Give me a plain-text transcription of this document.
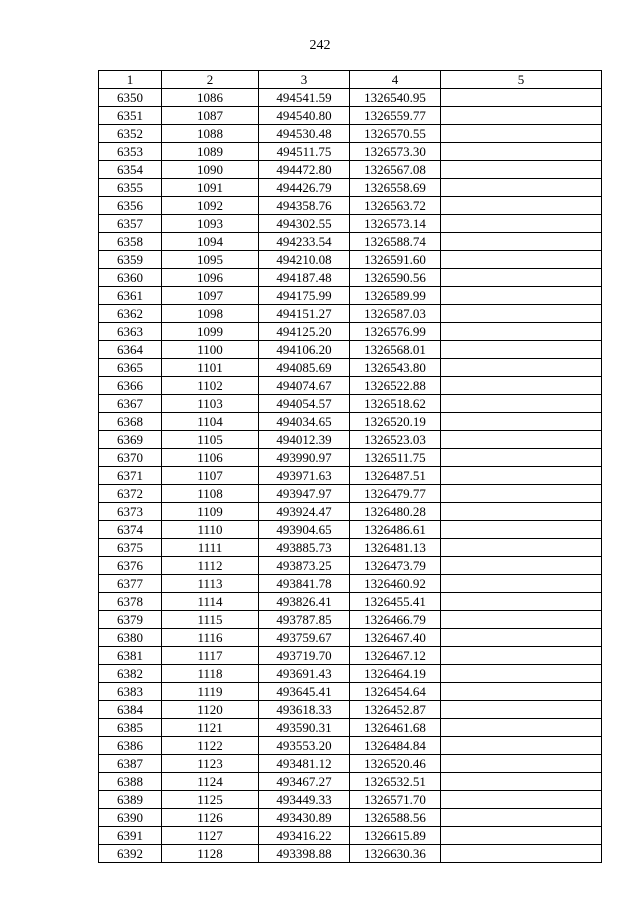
242
1	2	3	4	5
6350	1086	494541.59	1326540.95	
6351	1087	494540.80	1326559.77	
6352	1088	494530.48	1326570.55	
6353	1089	494511.75	1326573.30	
6354	1090	494472.80	1326567.08	
6355	1091	494426.79	1326558.69	
6356	1092	494358.76	1326563.72	
6357	1093	494302.55	1326573.14	
6358	1094	494233.54	1326588.74	
6359	1095	494210.08	1326591.60	
6360	1096	494187.48	1326590.56	
6361	1097	494175.99	1326589.99	
6362	1098	494151.27	1326587.03	
6363	1099	494125.20	1326576.99	
6364	1100	494106.20	1326568.01	
6365	1101	494085.69	1326543.80	
6366	1102	494074.67	1326522.88	
6367	1103	494054.57	1326518.62	
6368	1104	494034.65	1326520.19	
6369	1105	494012.39	1326523.03	
6370	1106	493990.97	1326511.75	
6371	1107	493971.63	1326487.51	
6372	1108	493947.97	1326479.77	
6373	1109	493924.47	1326480.28	
6374	1110	493904.65	1326486.61	
6375	1111	493885.73	1326481.13	
6376	1112	493873.25	1326473.79	
6377	1113	493841.78	1326460.92	
6378	1114	493826.41	1326455.41	
6379	1115	493787.85	1326466.79	
6380	1116	493759.67	1326467.40	
6381	1117	493719.70	1326467.12	
6382	1118	493691.43	1326464.19	
6383	1119	493645.41	1326454.64	
6384	1120	493618.33	1326452.87	
6385	1121	493590.31	1326461.68	
6386	1122	493553.20	1326484.84	
6387	1123	493481.12	1326520.46	
6388	1124	493467.27	1326532.51	
6389	1125	493449.33	1326571.70	
6390	1126	493430.89	1326588.56	
6391	1127	493416.22	1326615.89	
6392	1128	493398.88	1326630.36	
